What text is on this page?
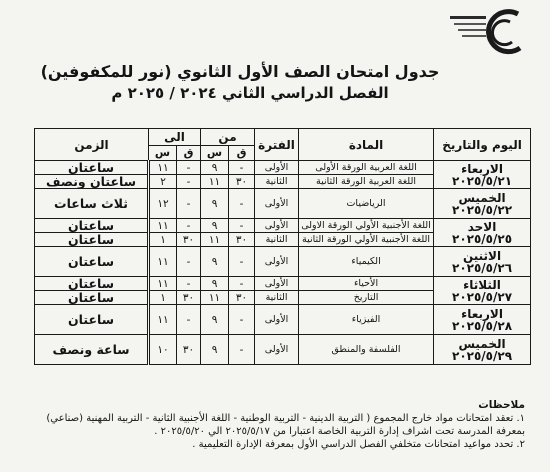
جدول امتحان الصف الأول الثانوي (نور للمكفوفين)
الفصل الدراسي الثاني ٢٠٢٤ / ٢٠٢٥ م
اليوم والتاريخ	المادة	الفترة	من		الى		الزمن
			ق	س	ق	س	

الاربعاء
٢٠٢٥/٥/٢١	اللغة العربية الورقة الأولى	الأولى	-	٩	-	١١	ساعتان
	اللغة العربية الورقة الثانية	الثانية	٣٠	١١	-	٢	ساعتان ونصف

الخميس
٢٠٢٥/٥/٢٢	الرياضيات	الأولى	-	٩	-	١٢	ثلاث ساعات

الاحد
٢٠٢٥/٥/٢٥	اللغة الأجنبية الأولي الورقة الاولى	الأولى	-	٩	-	١١	ساعتان
	اللغة الأجنبية الأولي الورقة الثانية	الثانية	٣٠	١١	٣٠	١	ساعتان

الاثنين
٢٠٢٥/٥/٢٦	الكيمياء	الأولى	-	٩	-	١١	ساعتان

الثلاثاء
٢٠٢٥/٥/٢٧	الأحياء	الأولى	-	٩	-	١١	ساعتان
	التاريخ	الثانية	٣٠	١١	٣٠	١	ساعتان

الاربعاء
٢٠٢٥/٥/٢٨	الفيزياء	الأولى	-	٩	-	١١	ساعتان

الخميس
٢٠٢٥/٥/٢٩	الفلسفة والمنطق	الأولى	-	٩	٣٠	١٠	ساعة ونصف
ملاحظات
١. تعقد امتحانات مواد خارج المجموع ( التربية الدينية - التربية الوطنية - اللغة الأجنبية الثانية - التربية المهنية (صناعي) بمعرفة المدرسة تحت اشراف إدارة التربية الخاصة اعتبارا من ٢٠٢٥/٥/١٧ الي ٢٠٢٥/٥/٢٠ .
٢. تحدد مواعيد امتحانات متخلفي الفصل الدراسي الأول بمعرفة الإدارة التعليمية .
